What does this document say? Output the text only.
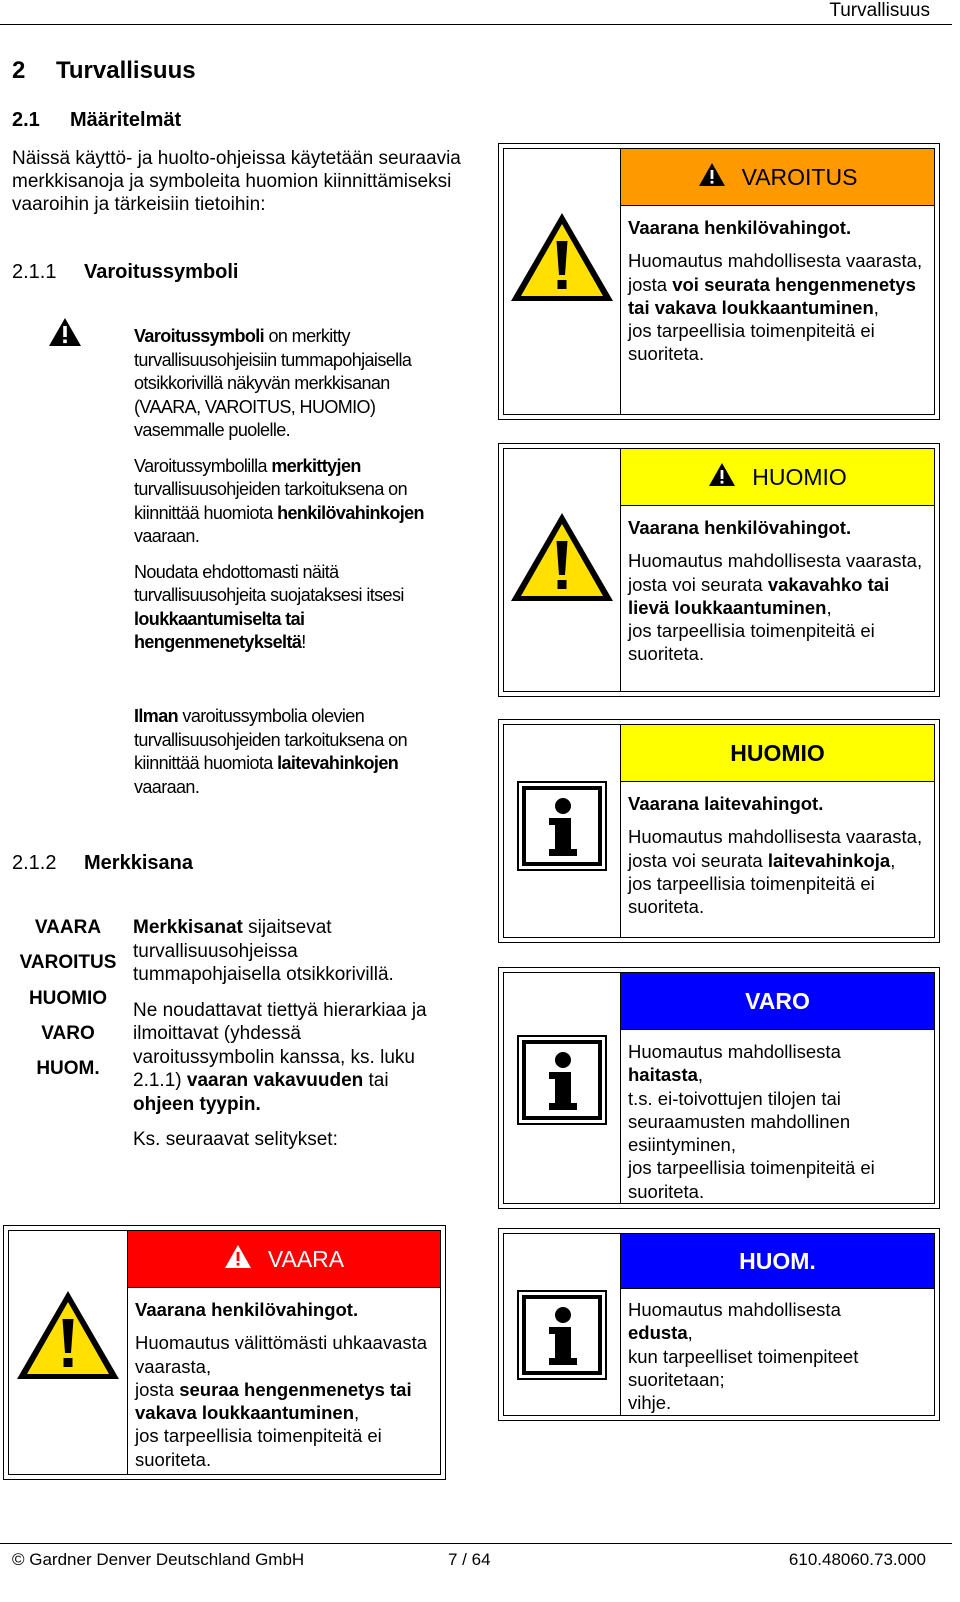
Turvallisuus
2 Turvallisuus
2.1 Määritelmät
Näissä käyttö- ja huolto-ohjeissa käytetään seuraavia merkkisanoja ja symboleita huomion kiinnittämiseksi vaaroihin ja tärkeisiin tietoihin:
2.1.1 Varoitussymboli

Varoitussymboli on merkitty turvallisuusohjeisiin tummapohjaisella otsikkorivillä näkyvän merkkisanan (VAARA, VAROITUS, HUOMIO) vasemmalle puolelle.

Varoitussymbolilla merkittyjen turvallisuusohjeiden tarkoituksena on kiinnittää huomiota henkilövahinkojen vaaraan.

Noudata ehdottomasti näitä turvallisuusohjeita suojataksesi itsesi loukkaantumiselta tai hengenmenetykseltä!

Ilman varoitussymbolia olevien turvallisuusohjeiden tarkoituksena on kiinnittää huomiota laitevahinkojen vaaraan.

2.1.2 Merkkisana
VAARA
VAROITUS
HUOMIO
VARO
HUOM.

Merkkisanat sijaitsevat turvallisuusohjeissa tummapohjaisella otsikkorivillä.

Ne noudattavat tiettyä hierarkiaa ja ilmoittavat (yhdessä varoitussymbolin kanssa, ks. luku 2.1.1) vaaran vakavuuden tai ohjeen tyypin.

Ks. seuraavat selitykset:

VAROITUS

Vaarana henkilövahingot.

Huomautus mahdollisesta vaarasta,

josta voi seurata hengenmenetys tai vakava loukkaantuminen,

jos tarpeellisia toimenpiteitä ei suoriteta.

HUOMIO

Vaarana henkilövahingot.

Huomautus mahdollisesta vaarasta,

josta voi seurata vakavahko tai lievä loukkaantuminen,

jos tarpeellisia toimenpiteitä ei suoriteta.

HUOMIO

Vaarana laitevahingot.

Huomautus mahdollisesta vaarasta,

josta voi seurata laitevahinkoja,

jos tarpeellisia toimenpiteitä ei suoriteta.

VARO

Huomautus mahdollisesta

haitasta,

t.s. ei-toivottujen tilojen tai seuraamusten mahdollinen esiintyminen,

jos tarpeellisia toimenpiteitä ei suoriteta.

HUOM.

Huomautus mahdollisesta

edusta,

kun tarpeelliset toimenpiteet suoritetaan;

vihje.

VAARA

Vaarana henkilövahingot.

Huomautus välittömästi uhkaavasta vaarasta,

josta seuraa hengenmenetys tai vakava loukkaantuminen,

jos tarpeellisia toimenpiteitä ei suoriteta.

© Gardner Denver Deutschland GmbH	7 / 64	610.48060.73.000
